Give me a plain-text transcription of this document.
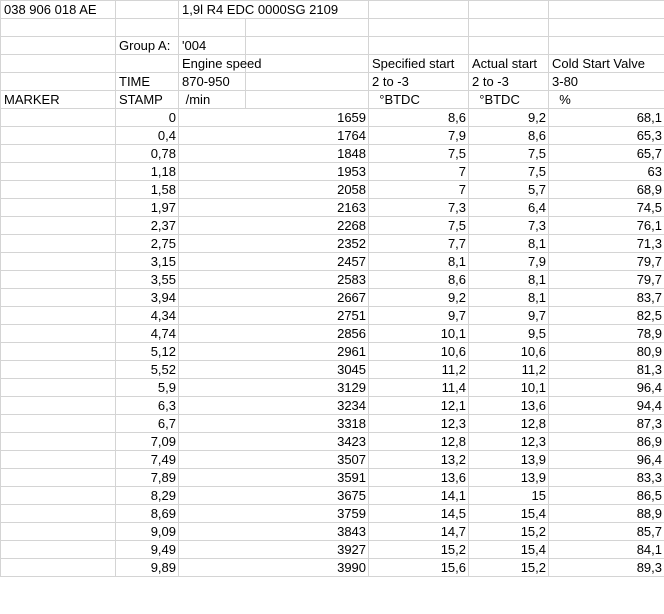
038 906 018 AE		1,9l R4 EDC 0000SG 2109				

	Group A:	'004				
		Engine speed		Specified start	Actual start	Cold Start Valve
	TIME	870-950		2 to -3	2 to -3	3-80
MARKER	STAMP	/min		°BTDC	°BTDC	%
	0	1659		8,6	9,2	68,1
	0,4	1764		7,9	8,6	65,3
	0,78	1848		7,5	7,5	65,7
	1,18	1953		7	7,5	63
	1,58	2058		7	5,7	68,9
	1,97	2163		7,3	6,4	74,5
	2,37	2268		7,5	7,3	76,1
	2,75	2352		7,7	8,1	71,3
	3,15	2457		8,1	7,9	79,7
	3,55	2583		8,6	8,1	79,7
	3,94	2667		9,2	8,1	83,7
	4,34	2751		9,7	9,7	82,5
	4,74	2856		10,1	9,5	78,9
	5,12	2961		10,6	10,6	80,9
	5,52	3045		11,2	11,2	81,3
	5,9	3129		11,4	10,1	96,4
	6,3	3234		12,1	13,6	94,4
	6,7	3318		12,3	12,8	87,3
	7,09	3423		12,8	12,3	86,9
	7,49	3507		13,2	13,9	96,4
	7,89	3591		13,6	13,9	83,3
	8,29	3675		14,1	15	86,5
	8,69	3759		14,5	15,4	88,9
	9,09	3843		14,7	15,2	85,7
	9,49	3927		15,2	15,4	84,1
	9,89	3990		15,6	15,2	89,3
